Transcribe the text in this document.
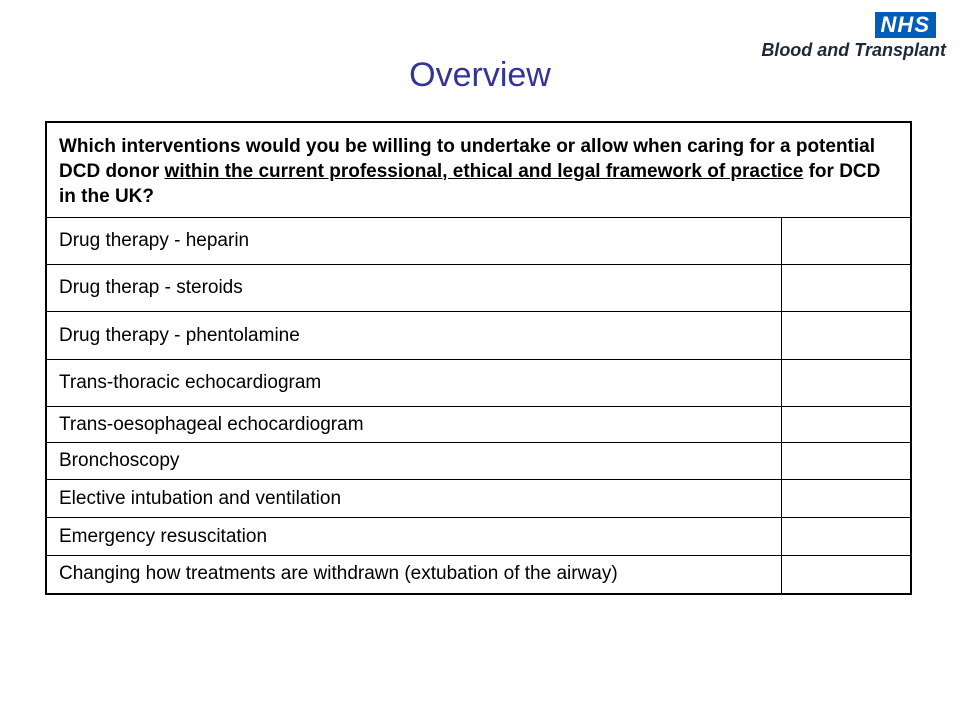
NHS
Blood and Transplant
Overview
Which interventions would you be willing to undertake or allow when caring for a potential DCD donor within the current professional, ethical and legal framework of practice for DCD in the UK?	
Drug therapy - heparin	
Drug therap - steroids	
Drug therapy - phentolamine	
Trans-thoracic echocardiogram	
Trans-oesophageal echocardiogram	
Bronchoscopy	
Elective intubation and ventilation	
Emergency resuscitation	
Changing how treatments are withdrawn (extubation of the airway)	
